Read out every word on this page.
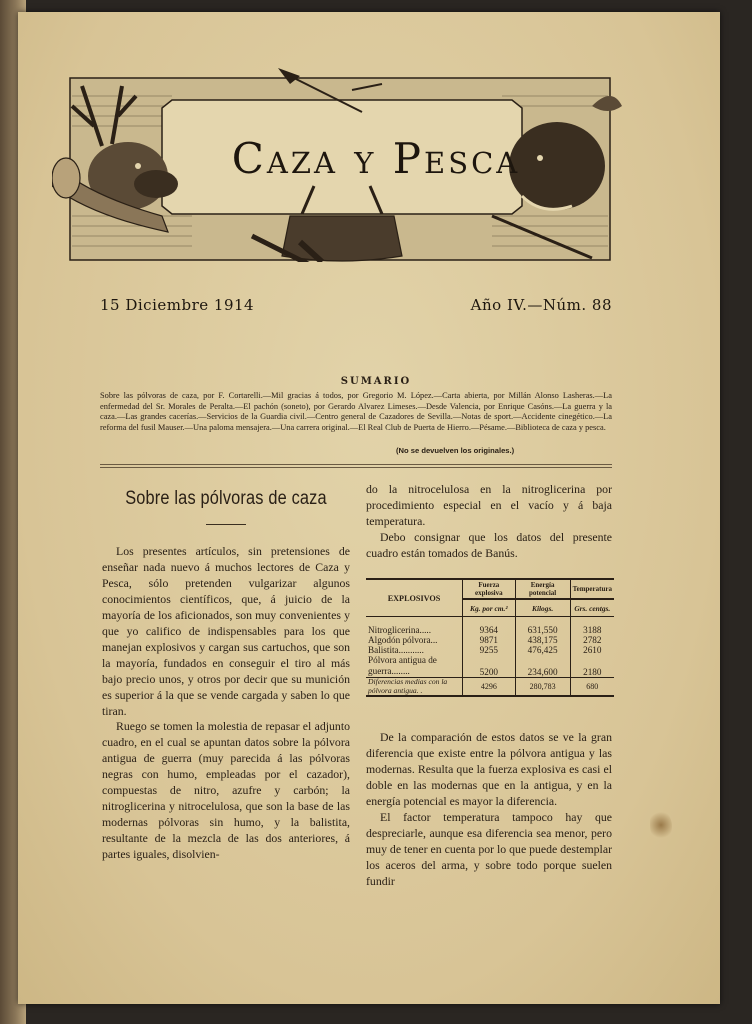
Caza y Pesca
15 Diciembre 1914	Año IV.—Núm. 88
SUMARIO
Sobre las pólvoras de caza, por F. Cortarelli.—Mil gracias á todos, por Gregorio M. López.—Carta abierta, por Millán Alonso Lasheras.—La enfermedad del Sr. Morales de Peralta.—El pachón (soneto), por Gerardo Alvarez Limeses.—Desde Valencia, por Enrique Casóns.—La guerra y la caza.—Las grandes cacerías.—Servicios de la Guardia civil.—Centro general de Cazadores de Sevilla.—Notas de sport.—Accidente cinegético.—La reforma del fusil Mauser.—Una paloma mensajera.—Una carrera original.—El Real Club de Puerta de Hierro.—Pésame.—Biblioteca de caza y pesca.
(No se devuelven los originales.)
Sobre las pólvoras de caza

Los presentes artículos, sin pretensiones de enseñar nada nuevo á muchos lectores de Caza y Pesca, sólo pretenden vulgarizar algunos conocimientos científicos, que, á juicio de la mayoría de los aficionados, son muy convenientes y que yo califico de indispensables para los que manejan explosivos y cargan sus cartuchos, que son la mayoría, fundados en conseguir el tiro al más bajo precio unos, y otros por decir que su munición es superior á la que se vende cargada y saben lo que tiran.

Ruego se tomen la molestia de repasar el adjunto cuadro, en el cual se apuntan datos sobre la pólvora antigua de guerra (muy parecida á las pólvoras negras con humo, empleadas por el cazador), compuestas de nitro, azufre y carbón; la nitroglicerina y nitrocelulosa, que son la base de las modernas pólvoras sin humo, y la balistita, resultante de la mezcla de las dos anteriores, á partes iguales, disolvien-

do la nitrocelulosa en la nitroglicerina por procedimiento especial en el vacío y á baja temperatura.

Debo consignar que los datos del presente cuadro están tomados de Banús.

EXPLOSIVOS	Fuerza explosiva	Energía potencial	Temperatura
	Kg. por cm.²	Kilogs.	Grs. centgs.

Nitroglicerina.....	9364	631,550	3188
Algodón pólvora...	9871	438,175	2782
Balistita...........	9255	476,425	2610
Pólvora antigua de guerra........	5200	234,600	2180
Diferencias medias con la pólvora antigua. .	4296	280,783	680

De la comparación de estos datos se ve la gran diferencia que existe entre la pólvora antigua y las modernas. Resulta que la fuerza explosiva es casi el doble en las modernas que en la antigua, y en la energía potencial es mayor la diferencia.

El factor temperatura tampoco hay que despreciarle, aunque esa diferencia sea menor, pero muy de tener en cuenta por lo que puede destemplar los aceros del arma, y sobre todo porque suelen fundir
